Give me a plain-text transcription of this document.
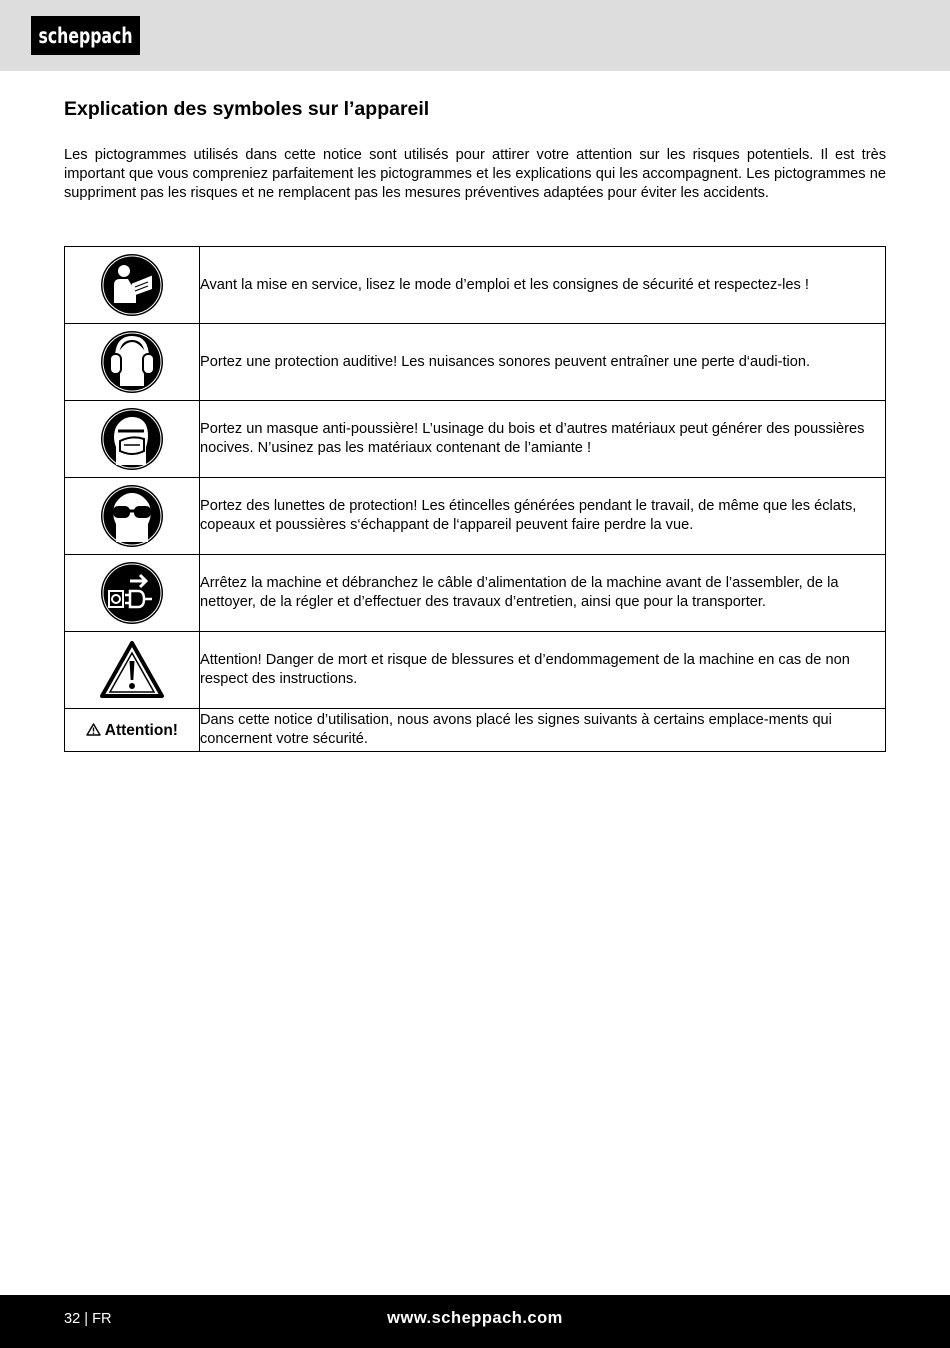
scheppach
Explication des symboles sur l’appareil

Les pictogrammes utilisés dans cette notice sont utilisés pour attirer votre attention sur les risques potentiels. Il est très important que vous compreniez parfaitement les pictogrammes et les explications qui les accompagnent. Les pictogrammes ne suppriment pas les risques et ne remplacent pas les mesures préventives adaptées pour éviter les accidents.

	Avant la mise en service, lisez le mode d’emploi et les consignes de sécurité et respectez-les !

	Portez une protection auditive! Les nuisances sonores peuvent entraîner une perte d‘audi-tion.

	Portez un masque anti-poussière! L’usinage du bois et d’autres matériaux peut générer des poussières nocives. N’usinez pas les matériaux contenant de l’amiante !

	Portez des lunettes de protection! Les étincelles générées pendant le travail, de même que les éclats, copeaux et poussières s‘échappant de l‘appareil peuvent faire perdre la vue.

	Arrêtez la machine et débranchez le câble d’alimentation de la machine avant de l’assembler, de la nettoyer, de la régler et d’effectuer des travaux d’entretien, ainsi que pour la transporter.

	Attention! Danger de mort et risque de blessures et d’endommagement de la machine en cas de non respect des instructions.
Attention!	Dans cette notice d’utilisation, nous avons placé les signes suivants à certains emplace-ments qui concernent votre sécurité.
32 | FR	www.scheppach.com
